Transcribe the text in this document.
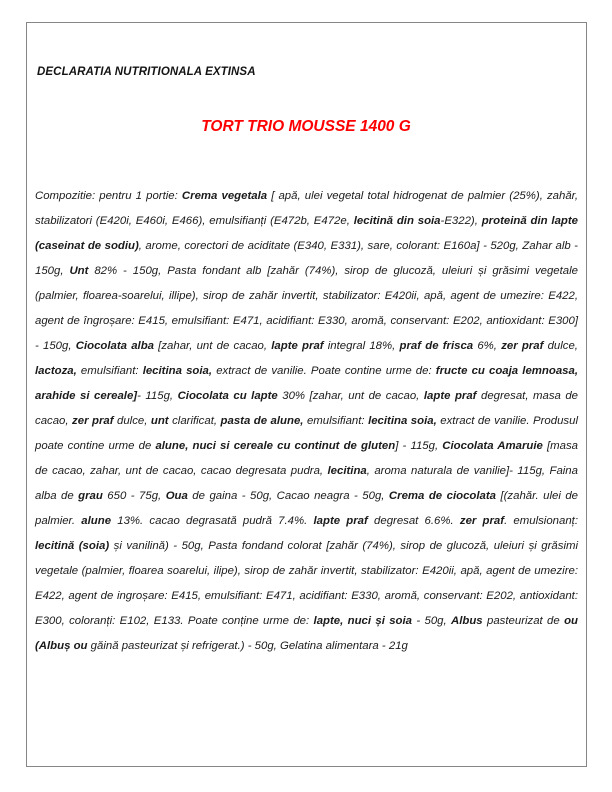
DECLARATIA NUTRITIONALA EXTINSA
TORT TRIO MOUSSE 1400 G

Compozitie: pentru 1 portie: Crema vegetala [ apă, ulei vegetal total hidrogenat de palmier (25%), zahăr, stabilizatori (E420i, E460i, E466), emulsifianți (E472b, E472e, lecitină din soia-E322), proteină din lapte (caseinat de sodiu), arome, corectori de aciditate (E340, E331), sare, colorant: E160a] - 520g, Zahar alb - 150g, Unt 82% - 150g, Pasta fondant alb [zahăr (74%), sirop de glucoză, uleiuri și grăsimi vegetale (palmier, floarea-soarelui, illipe), sirop de zahăr invertit, stabilizator: E420ii, apă, agent de umezire: E422, agent de îngroșare: E415, emulsifiant: E471, acidifiant: E330, aromă, conservant: E202, antioxidant: E300] - 150g, Ciocolata alba [zahar, unt de cacao, lapte praf integral 18%, praf de frisca 6%, zer praf dulce, lactoza, emulsifiant: lecitina soia, extract de vanilie. Poate contine urme de: fructe cu coaja lemnoasa, arahide si cereale]- 115g, Ciocolata cu lapte 30% [zahar, unt de cacao, lapte praf degresat, masa de cacao, zer praf dulce, unt clarificat, pasta de alune, emulsifiant: lecitina soia, extract de vanilie. Produsul poate contine urme de alune, nuci si cereale cu continut de gluten] - 115g, Ciocolata Amaruie [masa de cacao, zahar, unt de cacao, cacao degresata pudra, lecitina, aroma naturala de vanilie]- 115g, Faina alba de grau 650 - 75g, Oua de gaina - 50g, Cacao neagra - 50g, Crema de ciocolata [(zahăr. ulei de palmier. alune 13%. cacao degrasată pudră 7.4%. lapte praf degresat 6.6%. zer praf. emulsionanț: lecitină (soia) și vanilină) - 50g, Pasta fondand colorat [zahăr (74%), sirop de glucoză, uleiuri și grăsimi vegetale (palmier, floarea soarelui, ilipe), sirop de zahăr invertit, stabilizator: E420ii, apă, agent de umezire: E422, agent de ingroșare: E415, emulsifiant: E471, acidifiant: E330, aromă, conservant: E202, antioxidant: E300, coloranți: E102, E133. Poate conține urme de: lapte, nuci și soia - 50g, Albus pasteurizat de ou (Albuș ou găină pasteurizat și refrigerat.) - 50g, Gelatina alimentara - 21g
